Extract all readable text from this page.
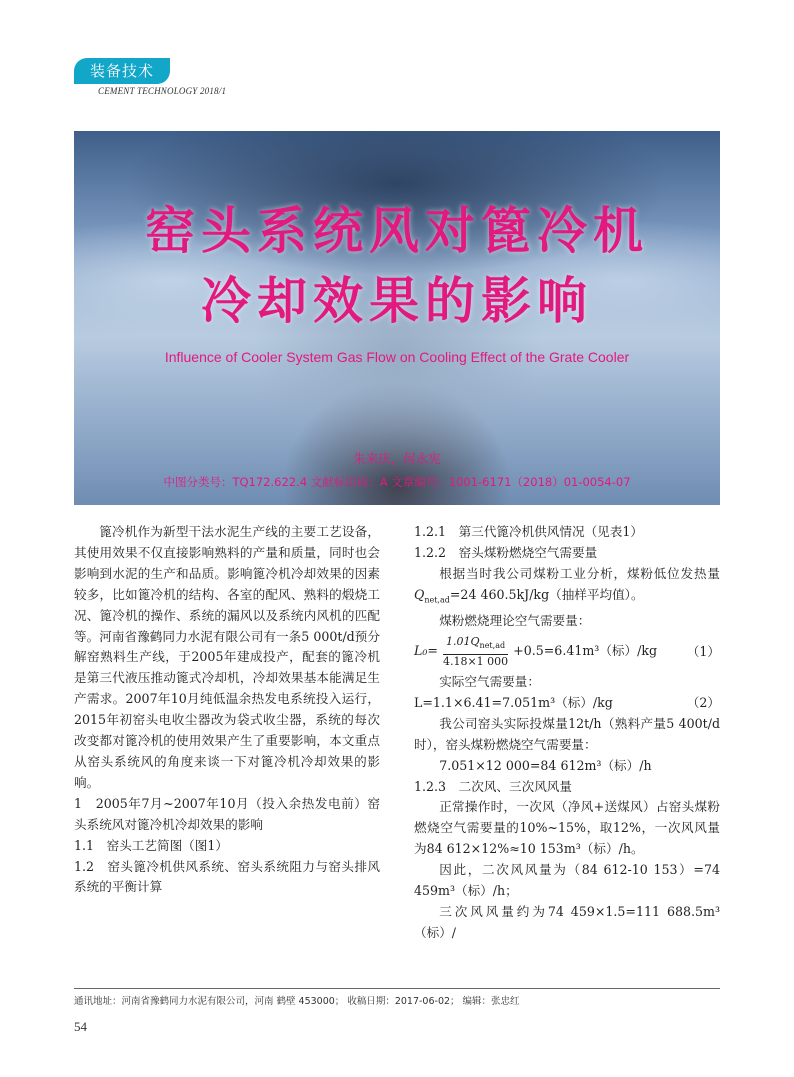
装备技术
CEMENT TECHNOLOGY 2018/1
窑头系统风对篦冷机
冷却效果的影响
Influence of Cooler System Gas Flow on Cooling Effect of the Grate Cooler
朱来庆，何永宪
中图分类号：TQ172.622.4 文献标识码：A 文章编号：1001-6171（2018）01-0054-07

篦冷机作为新型干法水泥生产线的主要工艺设备，其使用效果不仅直接影响熟料的产量和质量，同时也会影响到水泥的生产和品质。影响篦冷机冷却效果的因素较多，比如篦冷机的结构、各室的配风、熟料的煅烧工况、篦冷机的操作、系统的漏风以及系统内风机的匹配等。河南省豫鹤同力水泥有限公司有一条5 000t/d预分解窑熟料生产线，于2005年建成投产，配套的篦冷机是第三代液压推动篦式冷却机，冷却效果基本能满足生产需求。2007年10月纯低温余热发电系统投入运行，2015年初窑头电收尘器改为袋式收尘器，系统的每次改变都对篦冷机的使用效果产生了重要影响，本文重点从窑头系统风的角度来谈一下对篦冷机冷却效果的影响。

1　2005年7月~2007年10月（投入余热发电前）窑头系统风对篦冷机冷却效果的影响

1.1　窑头工艺简图（图1）

1.2　窑头篦冷机供风系统、窑头系统阻力与窑头排风系统的平衡计算

1.2.1　第三代篦冷机供风情况（见表1）

1.2.2　窑头煤粉燃烧空气需要量

根据当时我公司煤粉工业分析，煤粉低位发热量$Q_{net,ad}=24$ 460.5kJ/kg（抽样平均值）。

煤粉燃烧理论空气需要量：

$L_0= \frac{1.01Q_{net,ad}}{4.18\times 1 000} +0.5=6.41m^3$（标）/kg （1）

实际空气需要量：

L=1.1×6.41=7.051m³（标）/kg	（2）

我公司窑头实际投煤量12t/h（熟料产量5 400t/d时），窑头煤粉燃烧空气需要量：

7.051×12 000=84 612m³（标）/h

1.2.3　二次风、三次风风量

正常操作时，一次风（净风+送煤风）占窑头煤粉燃烧空气需要量的10%~15%，取12%，一次风风量为84 612×12%≈10 153m³（标）/h。

因此，二次风风量为（84 612-10 153）=74 459m³（标）/h；

三次风风量约为74 459×1.5=111 688.5m³（标）/

通讯地址：河南省豫鹤同力水泥有限公司，河南 鹤壁 453000； 收稿日期：2017-06-02； 编辑：张忠红
54
